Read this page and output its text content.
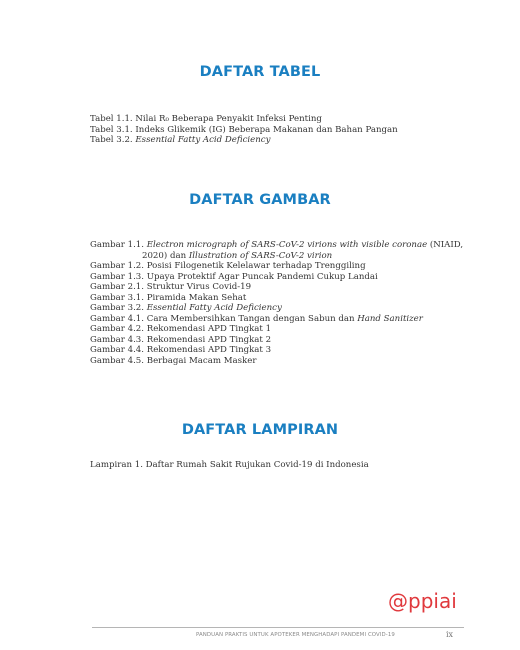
DAFTAR TABEL
Tabel 1.1. Nilai R₀ Beberapa Penyakit Infeksi Penting
Tabel 3.1. Indeks Glikemik (IG) Beberapa Makanan dan Bahan Pangan
Tabel 3.2. Essential Fatty Acid Deficiency
DAFTAR GAMBAR
Gambar 1.1. Electron micrograph of SARS-CoV-2 virions with visible coronae (NIAID,
2020) dan Illustration of SARS-CoV-2 virion
Gambar 1.2. Posisi Filogenetik Kelelawar terhadap Trenggiling
Gambar 1.3. Upaya Protektif Agar Puncak Pandemi Cukup Landai
Gambar 2.1. Struktur Virus Covid-19
Gambar 3.1. Piramida Makan Sehat
Gambar 3.2. Essential Fatty Acid Deficiency
Gambar 4.1. Cara Membersihkan Tangan dengan Sabun dan Hand Sanitizer
Gambar 4.2. Rekomendasi APD Tingkat 1
Gambar 4.3. Rekomendasi APD Tingkat 2
Gambar 4.4. Rekomendasi APD Tingkat 3
Gambar 4.5. Berbagai Macam Masker
DAFTAR LAMPIRAN
Lampiran 1. Daftar Rumah Sakit Rujukan Covid-19 di Indonesia
@ppiai
PANDUAN PRAKTIS UNTUK APOTEKER MENGHADAPI PANDEMI COVID-19	ix
